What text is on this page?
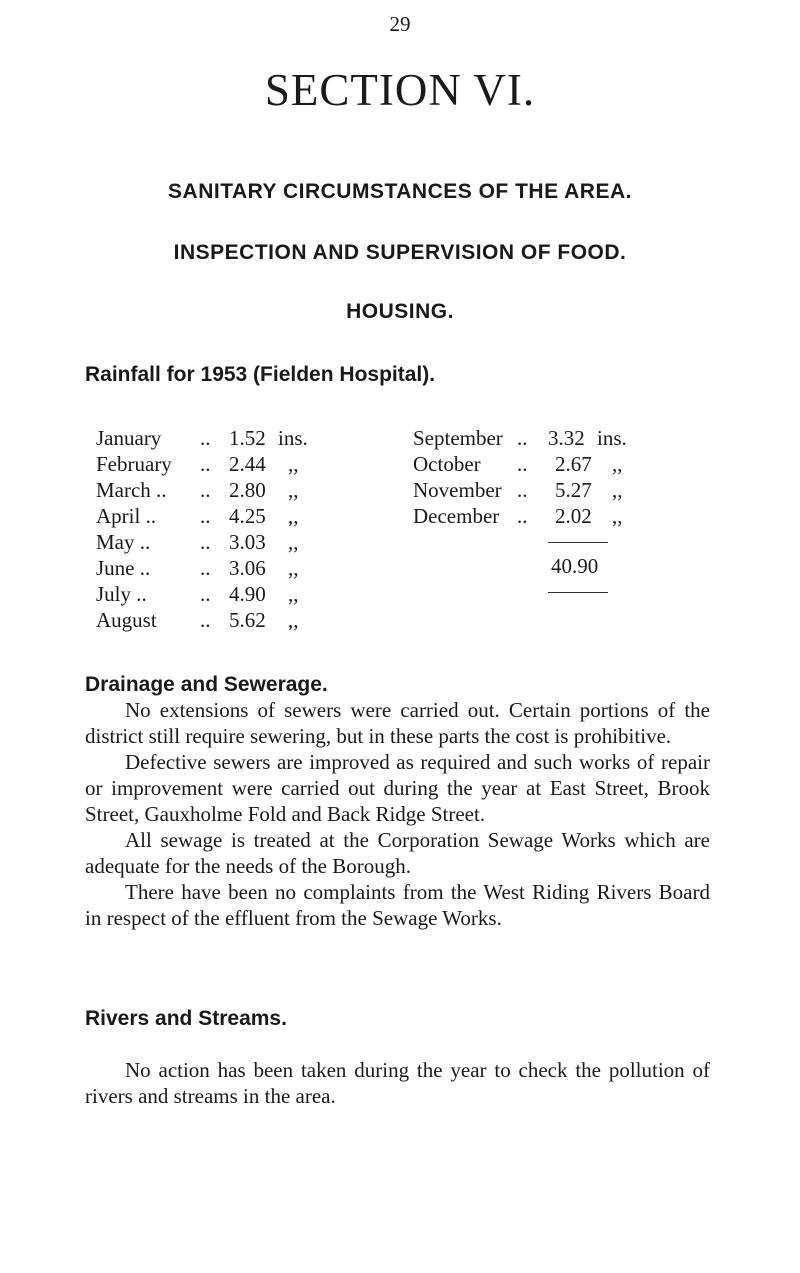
29
SECTION VI.
SANITARY CIRCUMSTANCES OF THE AREA.
INSPECTION AND SUPERVISION OF FOOD.
HOUSING.
Rainfall for 1953 (Fielden Hospital).
January .. 1.52 ins.
February .. 2.44 ,,
March .. .. 2.80 ,,
April .. .. 4.25 ,,
May .. .. 3.03 ,,
June .. .. 3.06 ,,
July ..	.. 4.90 ,,
August .. 5.62 ,,
September .. 3.32 ins.
October .. 2.67 ,,
November .. 5.27 ,,
December .. 2.02 ,,
40.90
Drainage and Sewerage.

No extensions of sewers were carried out. Certain portions of the district still require sewering, but in these parts the cost is prohibitive.

Defective sewers are improved as required and such works of repair or improvement were carried out during the year at East Street, Brook Street, Gauxholme Fold and Back Ridge Street.

All sewage is treated at the Corporation Sewage Works which are adequate for the needs of the Borough.

There have been no complaints from the West Riding Rivers Board in respect of the effluent from the Sewage Works.

Rivers and Streams.

No action has been taken during the year to check the pollution of rivers and streams in the area.
